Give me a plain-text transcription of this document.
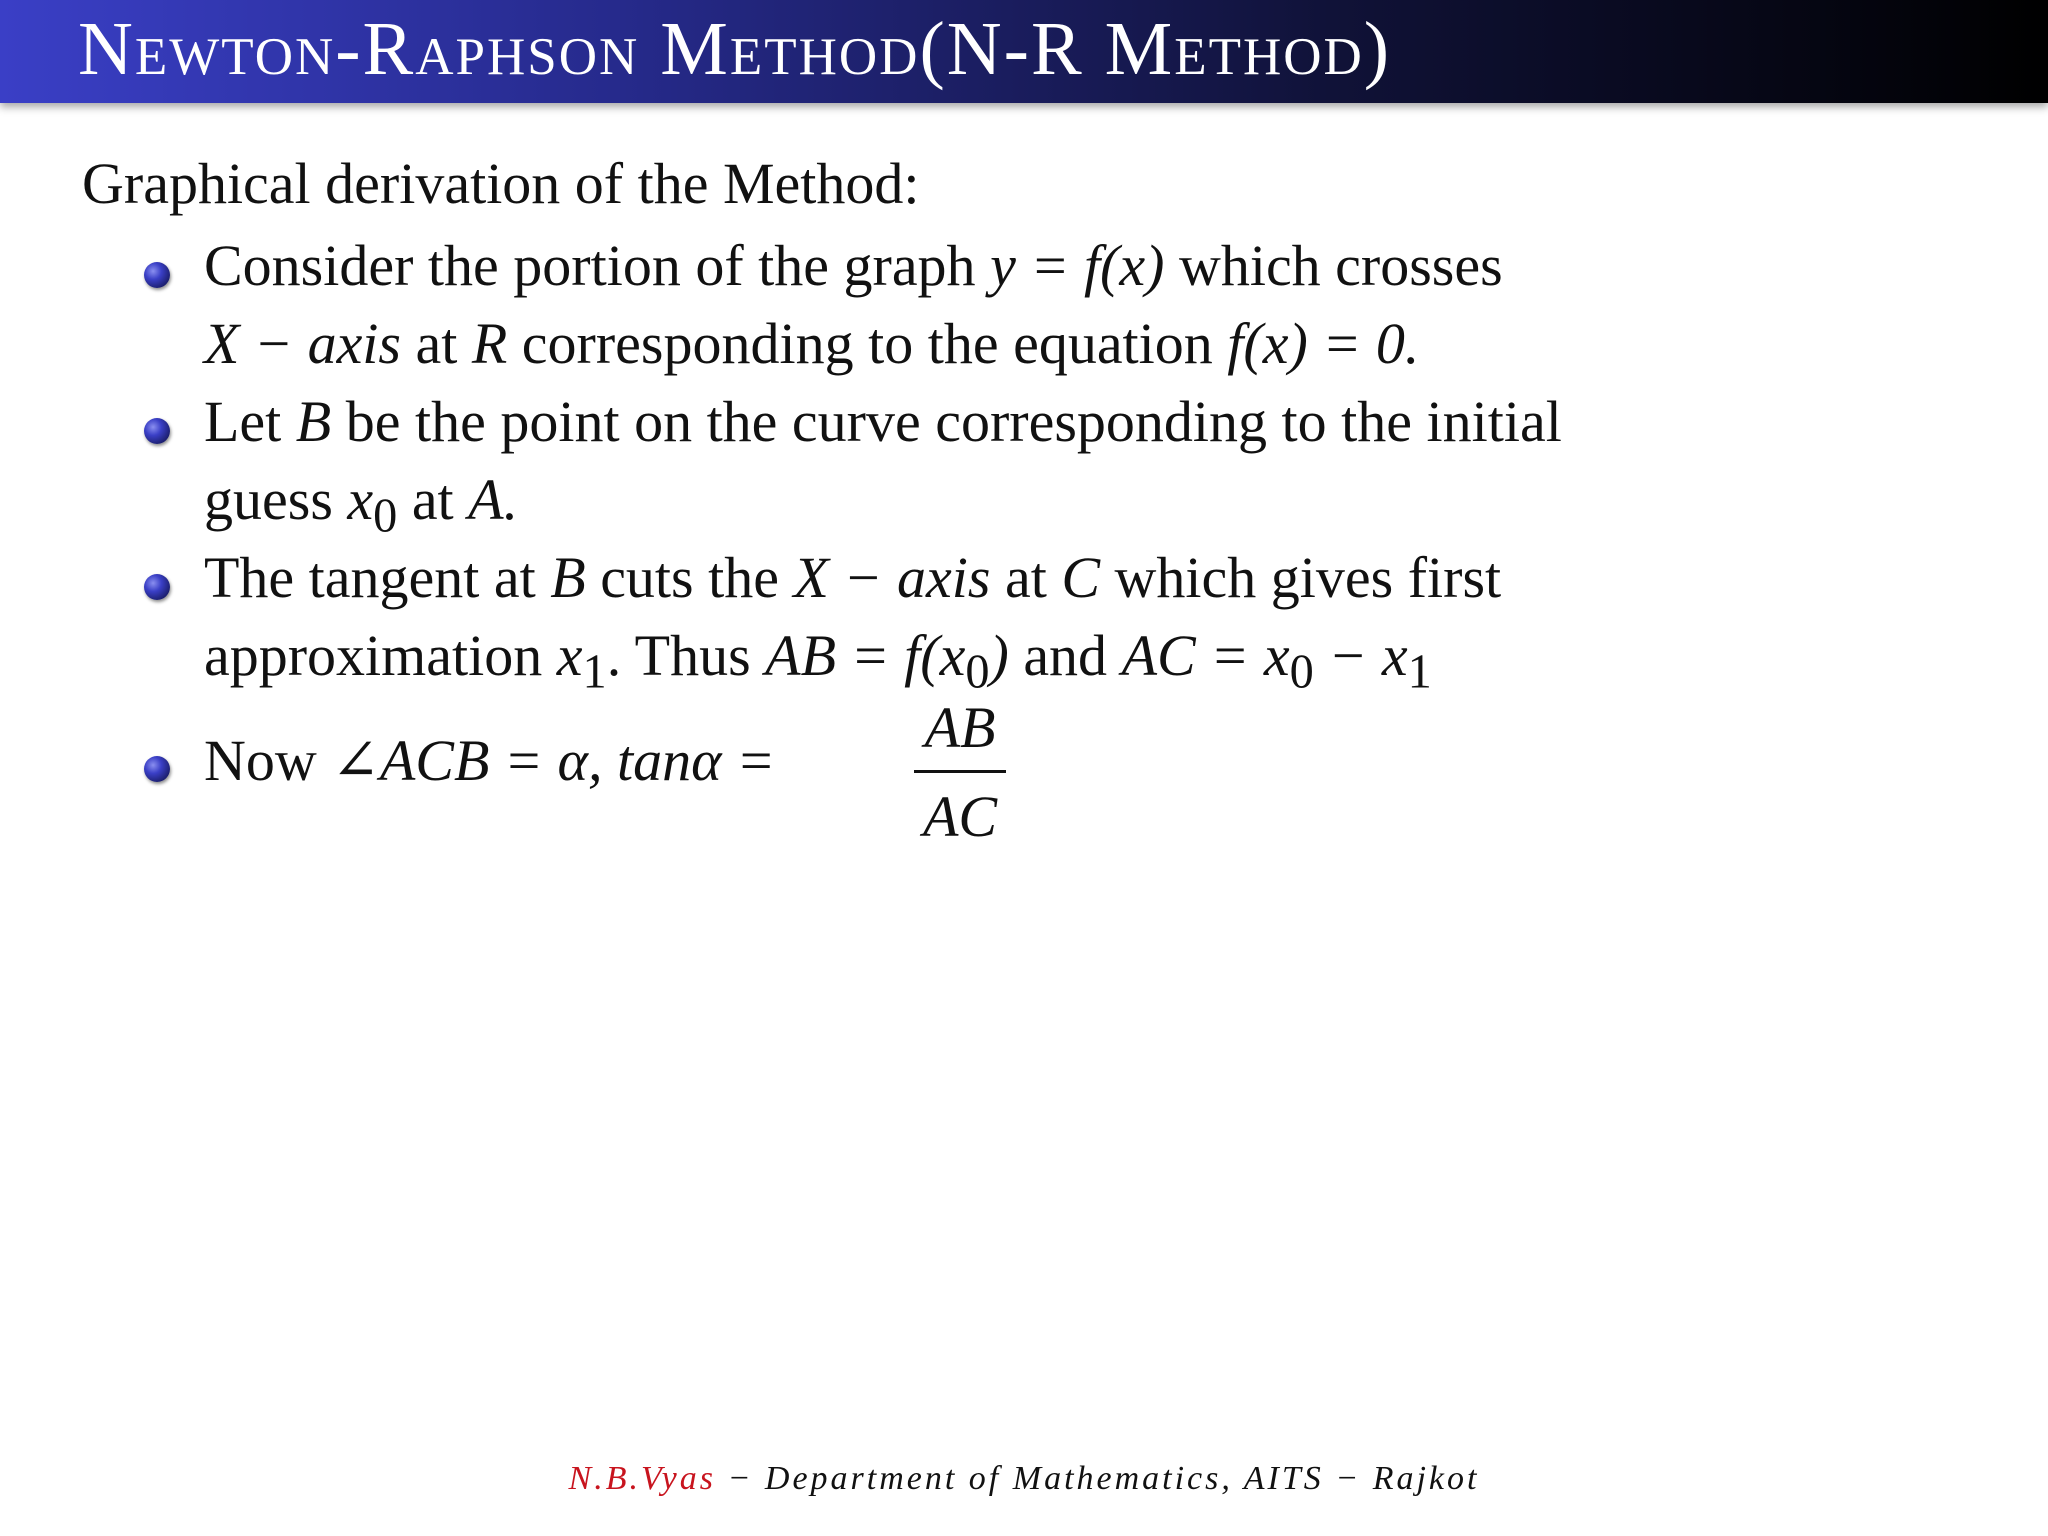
Newton-Raphson Method(N-R Method)
Graphical derivation of the Method:
Consider the portion of the graph y = f(x) which crosses
X − axis at R corresponding to the equation f(x) = 0.
Let B be the point on the curve corresponding to the initial
guess $x_0$ at A.
The tangent at B cuts the X − axis at C which gives first
approximation $x_1$. Thus AB = $f(x_0)$ and AC = $x_0 - x_1$
Now ∠ACB = α, tanα =
AB
AC
N.B.Vyas − Department of Mathematics, AITS − Rajkot
